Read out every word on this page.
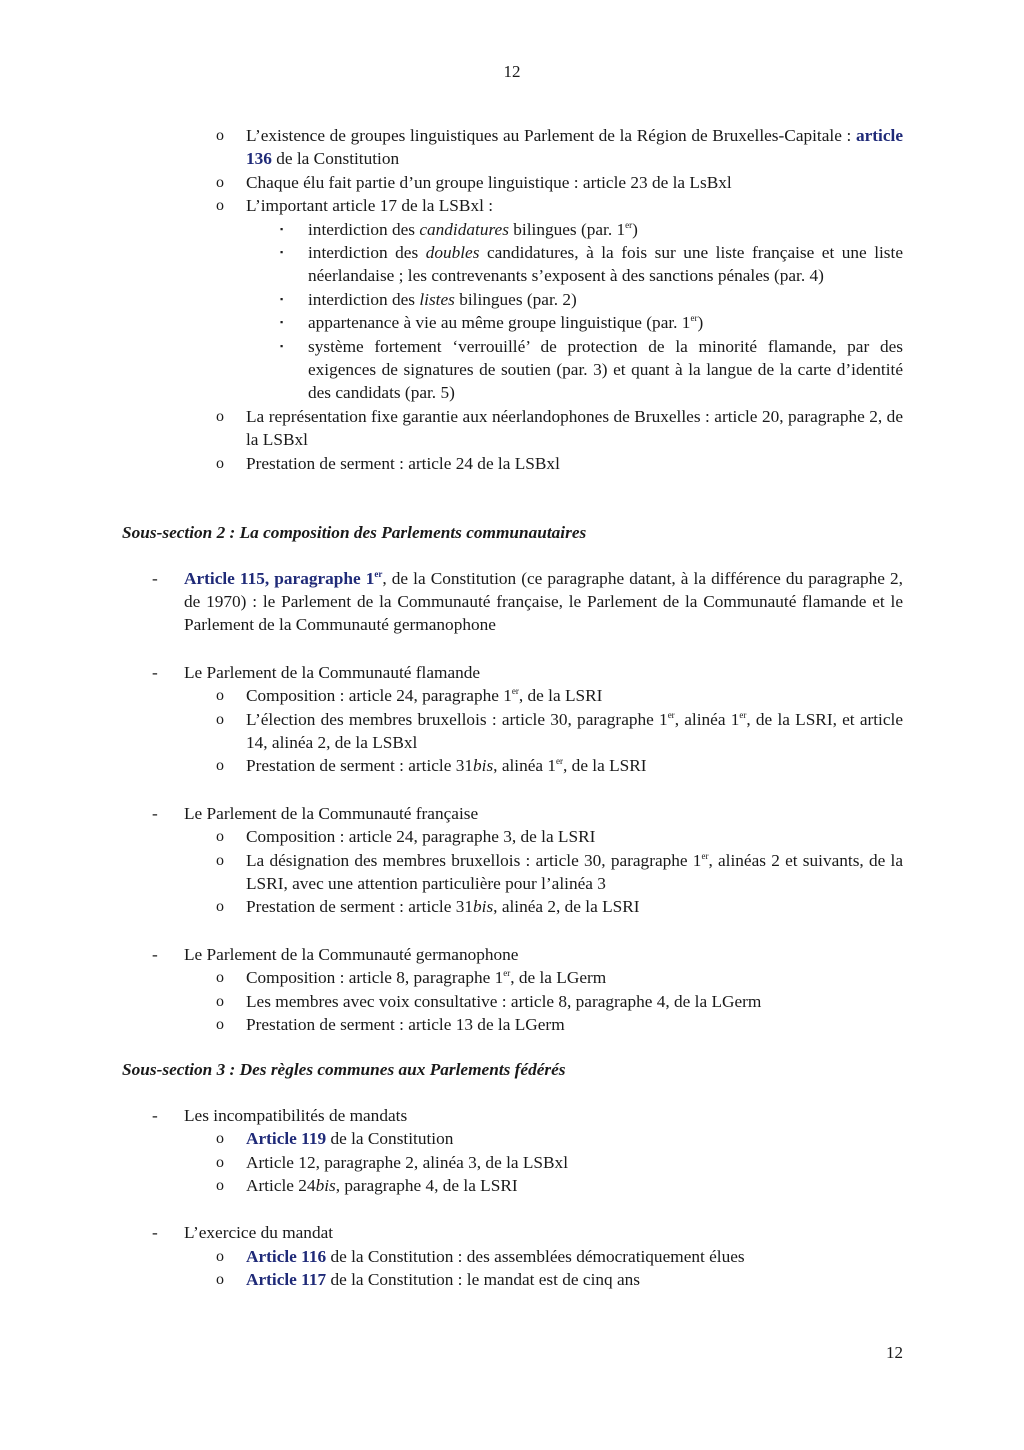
12
o L’existence de groupes linguistiques au Parlement de la Région de Bruxelles-Capitale : article 136 de la Constitution
o Chaque élu fait partie d’un groupe linguistique : article 23 de la LsBxl
o L’important article 17 de la LSBxl :
▪ interdiction des candidatures bilingues (par. 1er)
▪ interdiction des doubles candidatures, à la fois sur une liste française et une liste néerlandaise ; les contrevenants s’exposent à des sanctions pénales (par. 4)
▪ interdiction des listes bilingues (par. 2)
▪ appartenance à vie au même groupe linguistique (par. 1er)
▪ système fortement ‘verrouillé’ de protection de la minorité flamande, par des exigences de signatures de soutien (par. 3) et quant à la langue de la carte d’identité des candidats (par. 5)
o La représentation fixe garantie aux néerlandophones de Bruxelles : article 20, paragraphe 2, de la LSBxl
o Prestation de serment : article 24 de la LSBxl
Sous-section 2 : La composition des Parlements communautaires
- Article 115, paragraphe 1er, de la Constitution (ce paragraphe datant, à la différence du paragraphe 2, de 1970) : le Parlement de la Communauté française, le Parlement de la Communauté flamande et le Parlement de la Communauté germanophone
- Le Parlement de la Communauté flamande
o Composition : article 24, paragraphe 1er, de la LSRI
o L’élection des membres bruxellois : article 30, paragraphe 1er, alinéa 1er, de la LSRI, et article 14, alinéa 2, de la LSBxl
o Prestation de serment : article 31bis, alinéa 1er, de la LSRI
- Le Parlement de la Communauté française
o Composition : article 24, paragraphe 3, de la LSRI
o La désignation des membres bruxellois : article 30, paragraphe 1er, alinéas 2 et suivants, de la LSRI, avec une attention particulière pour l’alinéa 3
o Prestation de serment : article 31bis, alinéa 2, de la LSRI
- Le Parlement de la Communauté germanophone
o Composition : article 8, paragraphe 1er, de la LGerm
o Les membres avec voix consultative : article 8, paragraphe 4, de la LGerm
o Prestation de serment : article 13 de la LGerm
Sous-section 3 : Des règles communes aux Parlements fédérés
- Les incompatibilités de mandats
o Article 119 de la Constitution
o Article 12, paragraphe 2, alinéa 3, de la LSBxl
o Article 24bis, paragraphe 4, de la LSRI
- L’exercice du mandat
o Article 116 de la Constitution : des assemblées démocratiquement élues
o Article 117 de la Constitution : le mandat est de cinq ans
12
